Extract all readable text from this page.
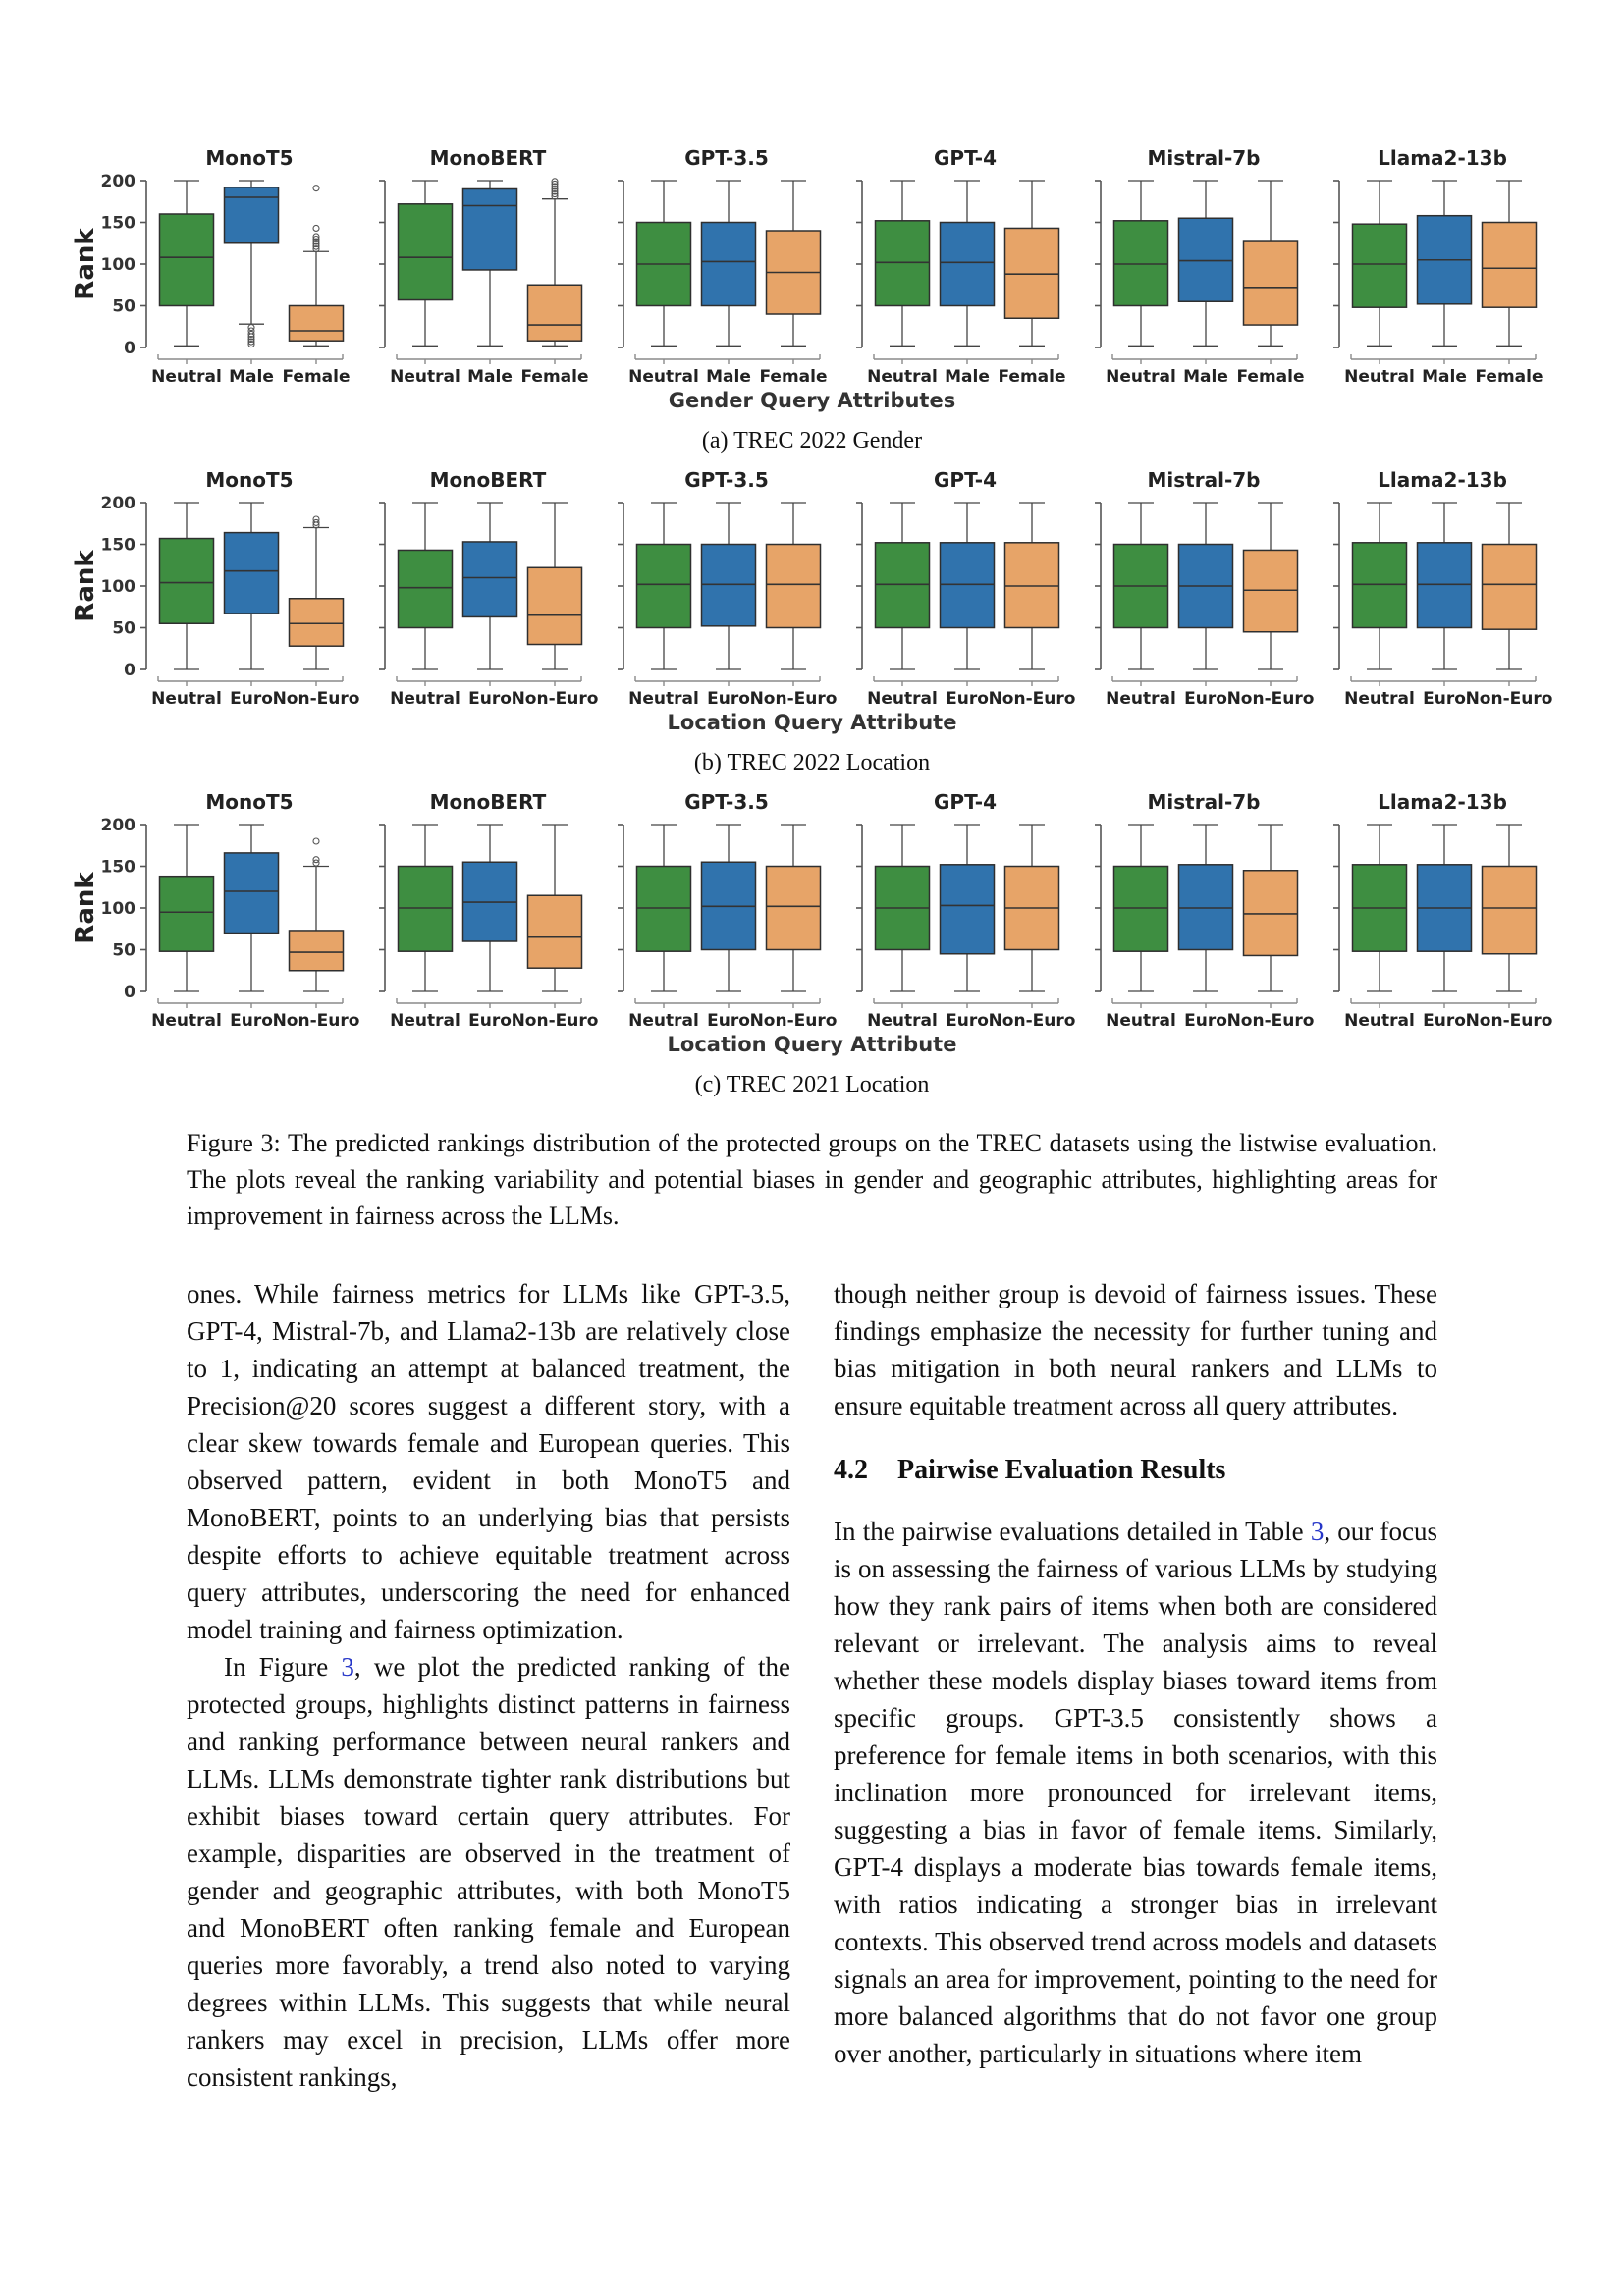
MonoT5
0
50
100
150
200
Rank
Neutral Male Female
MonoBERT
Neutral Male Female
GPT-3.5
Neutral Male Female
GPT-4
Neutral Male Female
Mistral-7b
Neutral Male Female
Llama2-13b
Neutral Male Female
Gender Query Attributes
(a) TREC 2022 Gender
MonoT5
0
50
100
150
200
Rank
Neutral Euro Non-Euro
MonoBERT
Neutral Euro Non-Euro
GPT-3.5
Neutral Euro Non-Euro
GPT-4
Neutral Euro Non-Euro
Mistral-7b
Neutral Euro Non-Euro
Llama2-13b
Neutral Euro Non-Euro
Location Query Attribute
(b) TREC 2022 Location
MonoT5
0
50
100
150
200
Rank
Neutral Euro Non-Euro
MonoBERT
Neutral Euro Non-Euro
GPT-3.5
Neutral Euro Non-Euro
GPT-4
Neutral Euro Non-Euro
Mistral-7b
Neutral Euro Non-Euro
Llama2-13b
Neutral Euro Non-Euro
Location Query Attribute
(c) TREC 2021 Location

Figure 3: The predicted rankings distribution of the protected groups on the TREC datasets using the listwise evaluation. The plots reveal the ranking variability and potential biases in gender and geographic attributes, highlighting areas for improvement in fairness across the LLMs.

ones. While fairness metrics for LLMs like GPT-3.5, GPT-4, Mistral-7b, and Llama2-13b are relatively close to 1, indicating an attempt at balanced treatment, the Precision@20 scores suggest a different story, with a clear skew towards female and European queries. This observed pattern, evident in both MonoT5 and MonoBERT, points to an underlying bias that persists despite efforts to achieve equitable treatment across query attributes, underscoring the need for enhanced model training and fairness optimization.

In Figure 3, we plot the predicted ranking of the protected groups, highlights distinct patterns in fairness and ranking performance between neural rankers and LLMs. LLMs demonstrate tighter rank distributions but exhibit biases toward certain query attributes. For example, disparities are observed in the treatment of gender and geographic attributes, with both MonoT5 and MonoBERT often ranking female and European queries more favorably, a trend also noted to varying degrees within LLMs. This suggests that while neural rankers may excel in precision, LLMs offer more consistent rankings,

though neither group is devoid of fairness issues. These findings emphasize the necessity for further tuning and bias mitigation in both neural rankers and LLMs to ensure equitable treatment across all query attributes.

4.2 Pairwise Evaluation Results

In the pairwise evaluations detailed in Table 3, our focus is on assessing the fairness of various LLMs by studying how they rank pairs of items when both are considered relevant or irrelevant. The analysis aims to reveal whether these models display biases toward items from specific groups. GPT-3.5 consistently shows a preference for female items in both scenarios, with this inclination more pronounced for irrelevant items, suggesting a bias in favor of female items. Similarly, GPT-4 displays a moderate bias towards female items, with ratios indicating a stronger bias in irrelevant contexts. This observed trend across models and datasets signals an area for improvement, pointing to the need for more balanced algorithms that do not favor one group over another, particularly in situations where item
